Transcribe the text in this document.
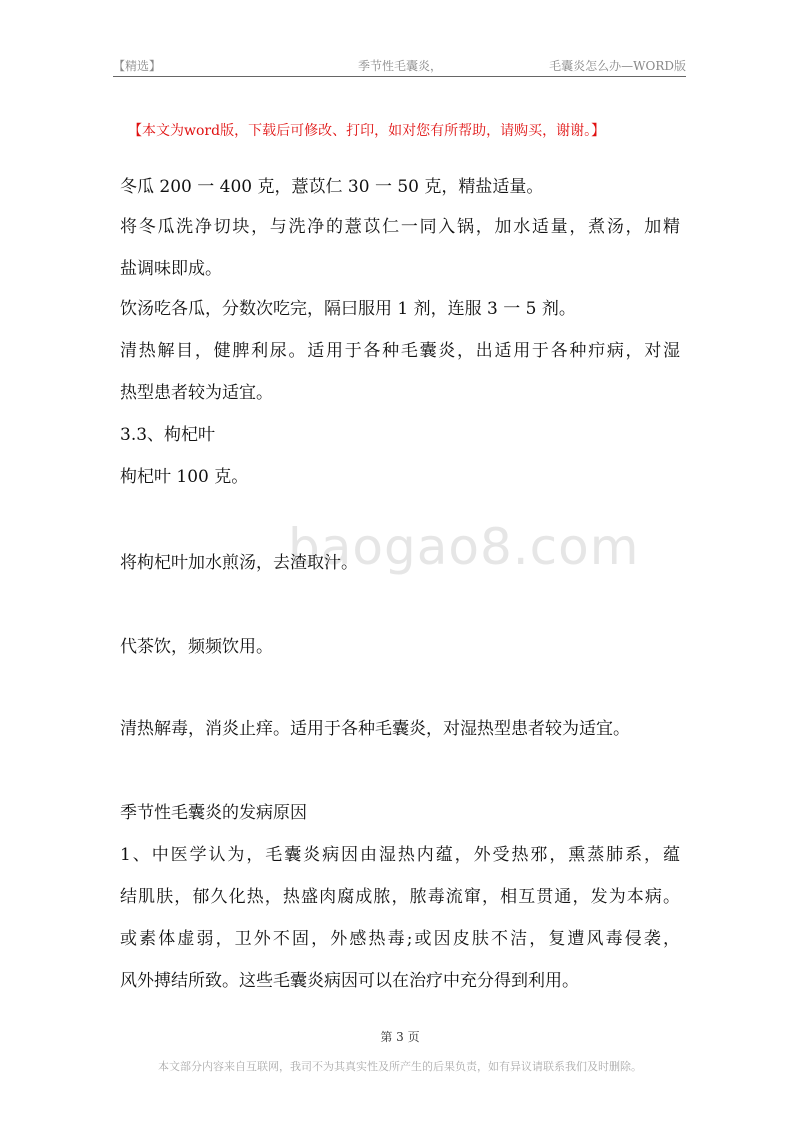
【精选】	季节性毛囊炎，	毛囊炎怎么办—WORD版
【本文为word版，下载后可修改、打印，如对您有所帮助，请购买，谢谢。】
冬瓜 200 一 400 克，薏苡仁 30 一 50 克，精盐适量。
将冬瓜洗净切块，与洗净的薏苡仁一同入锅，加水适量，煮汤，加精
盐调味即成。
饮汤吃各瓜，分数次吃完，隔曰服用 1 剂，连服 3 一 5 剂。
清热解目，健脾利尿。适用于各种毛囊炎，出适用于各种疖病，对湿
热型患者较为适宜。
3.3、枸杞叶
枸杞叶 100 克。
baogao8.com
将枸杞叶加水煎汤，去渣取汁。
代茶饮，频频饮用。
清热解毒，消炎止痒。适用于各种毛囊炎，对湿热型患者较为适宜。
季节性毛囊炎的发病原因
1、中医学认为，毛囊炎病因由湿热内蕴，外受热邪，熏蒸肺系，蕴
结肌肤，郁久化热，热盛肉腐成脓，脓毒流窜，相互贯通，发为本病。
或素体虚弱，卫外不固，外感热毒;或因皮肤不洁，复遭风毒侵袭，
风外搏结所致。这些毛囊炎病因可以在治疗中充分得到利用。
第 3 页
本文部分内容来自互联网，我司不为其真实性及所产生的后果负责，如有异议请联系我们及时删除。
